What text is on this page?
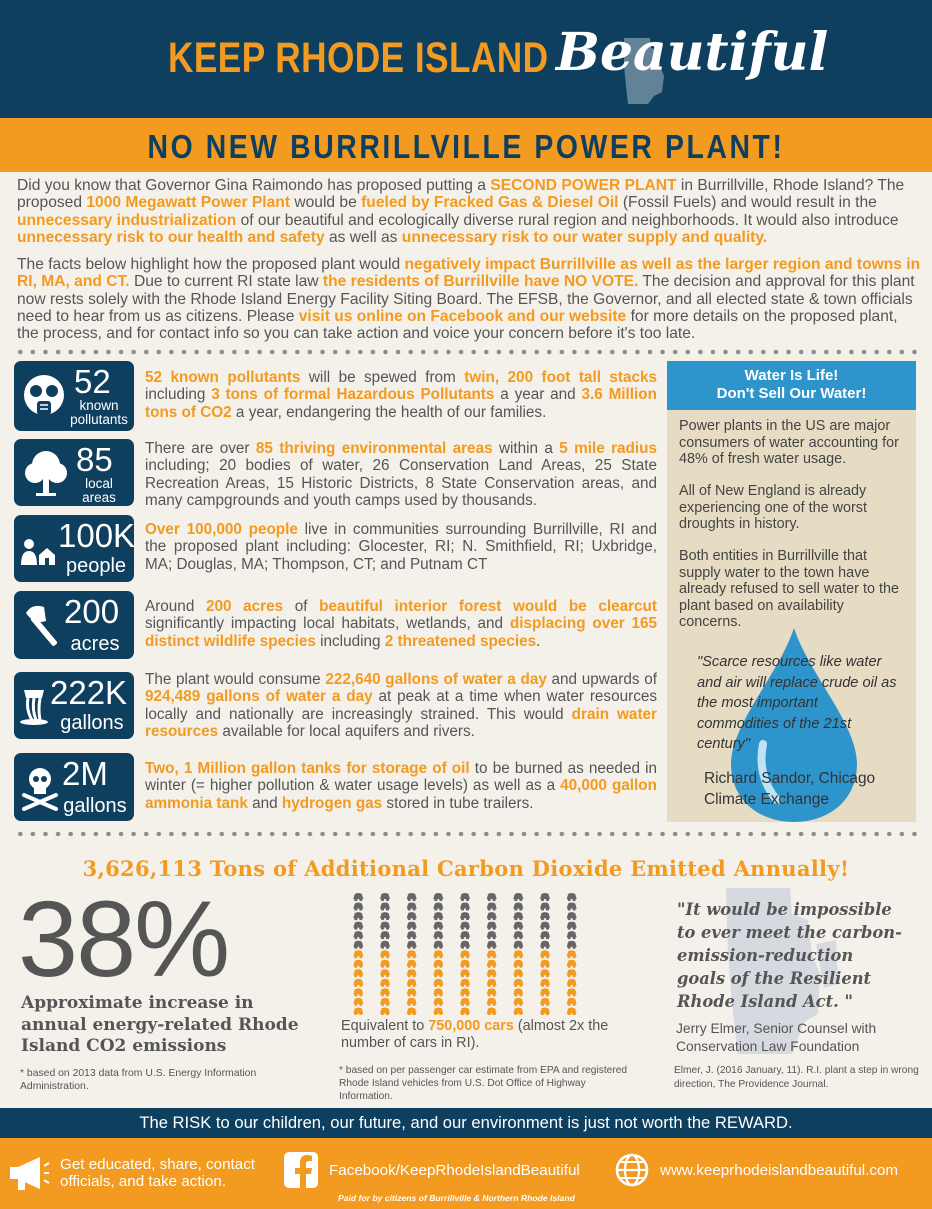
KEEP RHODE ISLAND Beautiful
NO NEW BURRILLVILLE POWER PLANT!
Did you know that Governor Gina Raimondo has proposed putting a SECOND POWER PLANT in Burrillville, Rhode Island? The proposed 1000 Megawatt Power Plant would be fueled by Fracked Gas & Diesel Oil (Fossil Fuels) and would result in the unnecessary industrialization of our beautiful and ecologically diverse rural region and neighborhoods. It would also introduce unnecessary risk to our health and safety as well as unnecessary risk to our water supply and quality.
The facts below highlight how the proposed plant would negatively impact Burrillville as well as the larger region and towns in RI, MA, and CT. Due to current RI state law the residents of Burrillville have NO VOTE. The decision and approval for this plant now rests solely with the Rhode Island Energy Facility Siting Board. The EFSB, the Governor, and all elected state & town officials need to hear from us as citizens. Please visit us online on Facebook and our website for more details on the proposed plant, the process, and for contact info so you can take action and voice your concern before it's too late.
52
known pollutants
52 known pollutants will be spewed from twin, 200 foot tall stacks including 3 tons of formal Hazardous Pollutants a year and 3.6 Million tons of CO2 a year, endangering the health of our families.
85
local areas
There are over 85 thriving environmental areas within a 5 mile radius including; 20 bodies of water, 26 Conservation Land Areas, 25 State Recreation Areas, 15 Historic Districts, 8 State Conservation areas, and many campgrounds and youth camps used by thousands.
100K
people
Over 100,000 people live in communities surrounding Burrillville, RI and the proposed plant including: Glocester, RI; N. Smithfield, RI; Uxbridge, MA; Douglas, MA; Thompson, CT; and Putnam CT
200
acres
Around 200 acres of beautiful interior forest would be clearcut significantly impacting local habitats, wetlands, and displacing over 165 distinct wildlife species including 2 threatened species.
222K
gallons
The plant would consume 222,640 gallons of water a day and upwards of 924,489 gallons of water a day at peak at a time when water resources locally and nationally are increasingly strained. This would drain water resources available for local aquifers and rivers.
2M
gallons
Two, 1 Million gallon tanks for storage of oil to be burned as needed in winter (= higher pollution & water usage levels) as well as a 40,000 gallon ammonia tank and hydrogen gas stored in tube trailers.
Water Is Life!
Don't Sell Our Water!
Power plants in the US are major consumers of water accounting for 48% of fresh water usage.
All of New England is already experiencing one of the worst droughts in history.
Both entities in Burrillville that supply water to the town have already refused to sell water to the plant based on availability concerns.
"Scarce resources like water and air will replace crude oil as the most important commodities of the 21st century"
Richard Sandor, Chicago Climate Exchange
3,626,113 Tons of Additional Carbon Dioxide Emitted Annually!
38%
Approximate increase in annual energy-related Rhode Island CO2 emissions
* based on 2013 data from U.S. Energy Information Administration.
Equivalent to 750,000 cars (almost 2x the number of cars in RI).
* based on per passenger car estimate from EPA and registered Rhode Island vehicles from U.S. Dot Office of Highway Information.
"It would be impossible to ever meet the carbon-emission-reduction goals of the Resilient Rhode Island Act. "
Jerry Elmer, Senior Counsel with Conservation Law Foundation
Elmer, J. (2016 January, 11). R.I. plant a step in wrong direction, The Providence Journal.
The RISK to our children, our future, and our environment is just not worth the REWARD.
Get educated, share, contact
officials, and take action.
Facebook/KeepRhodeIslandBeautiful	www.keeprhodeislandbeautiful.com
Paid for by citizens of Burrillville & Northern Rhode Island
